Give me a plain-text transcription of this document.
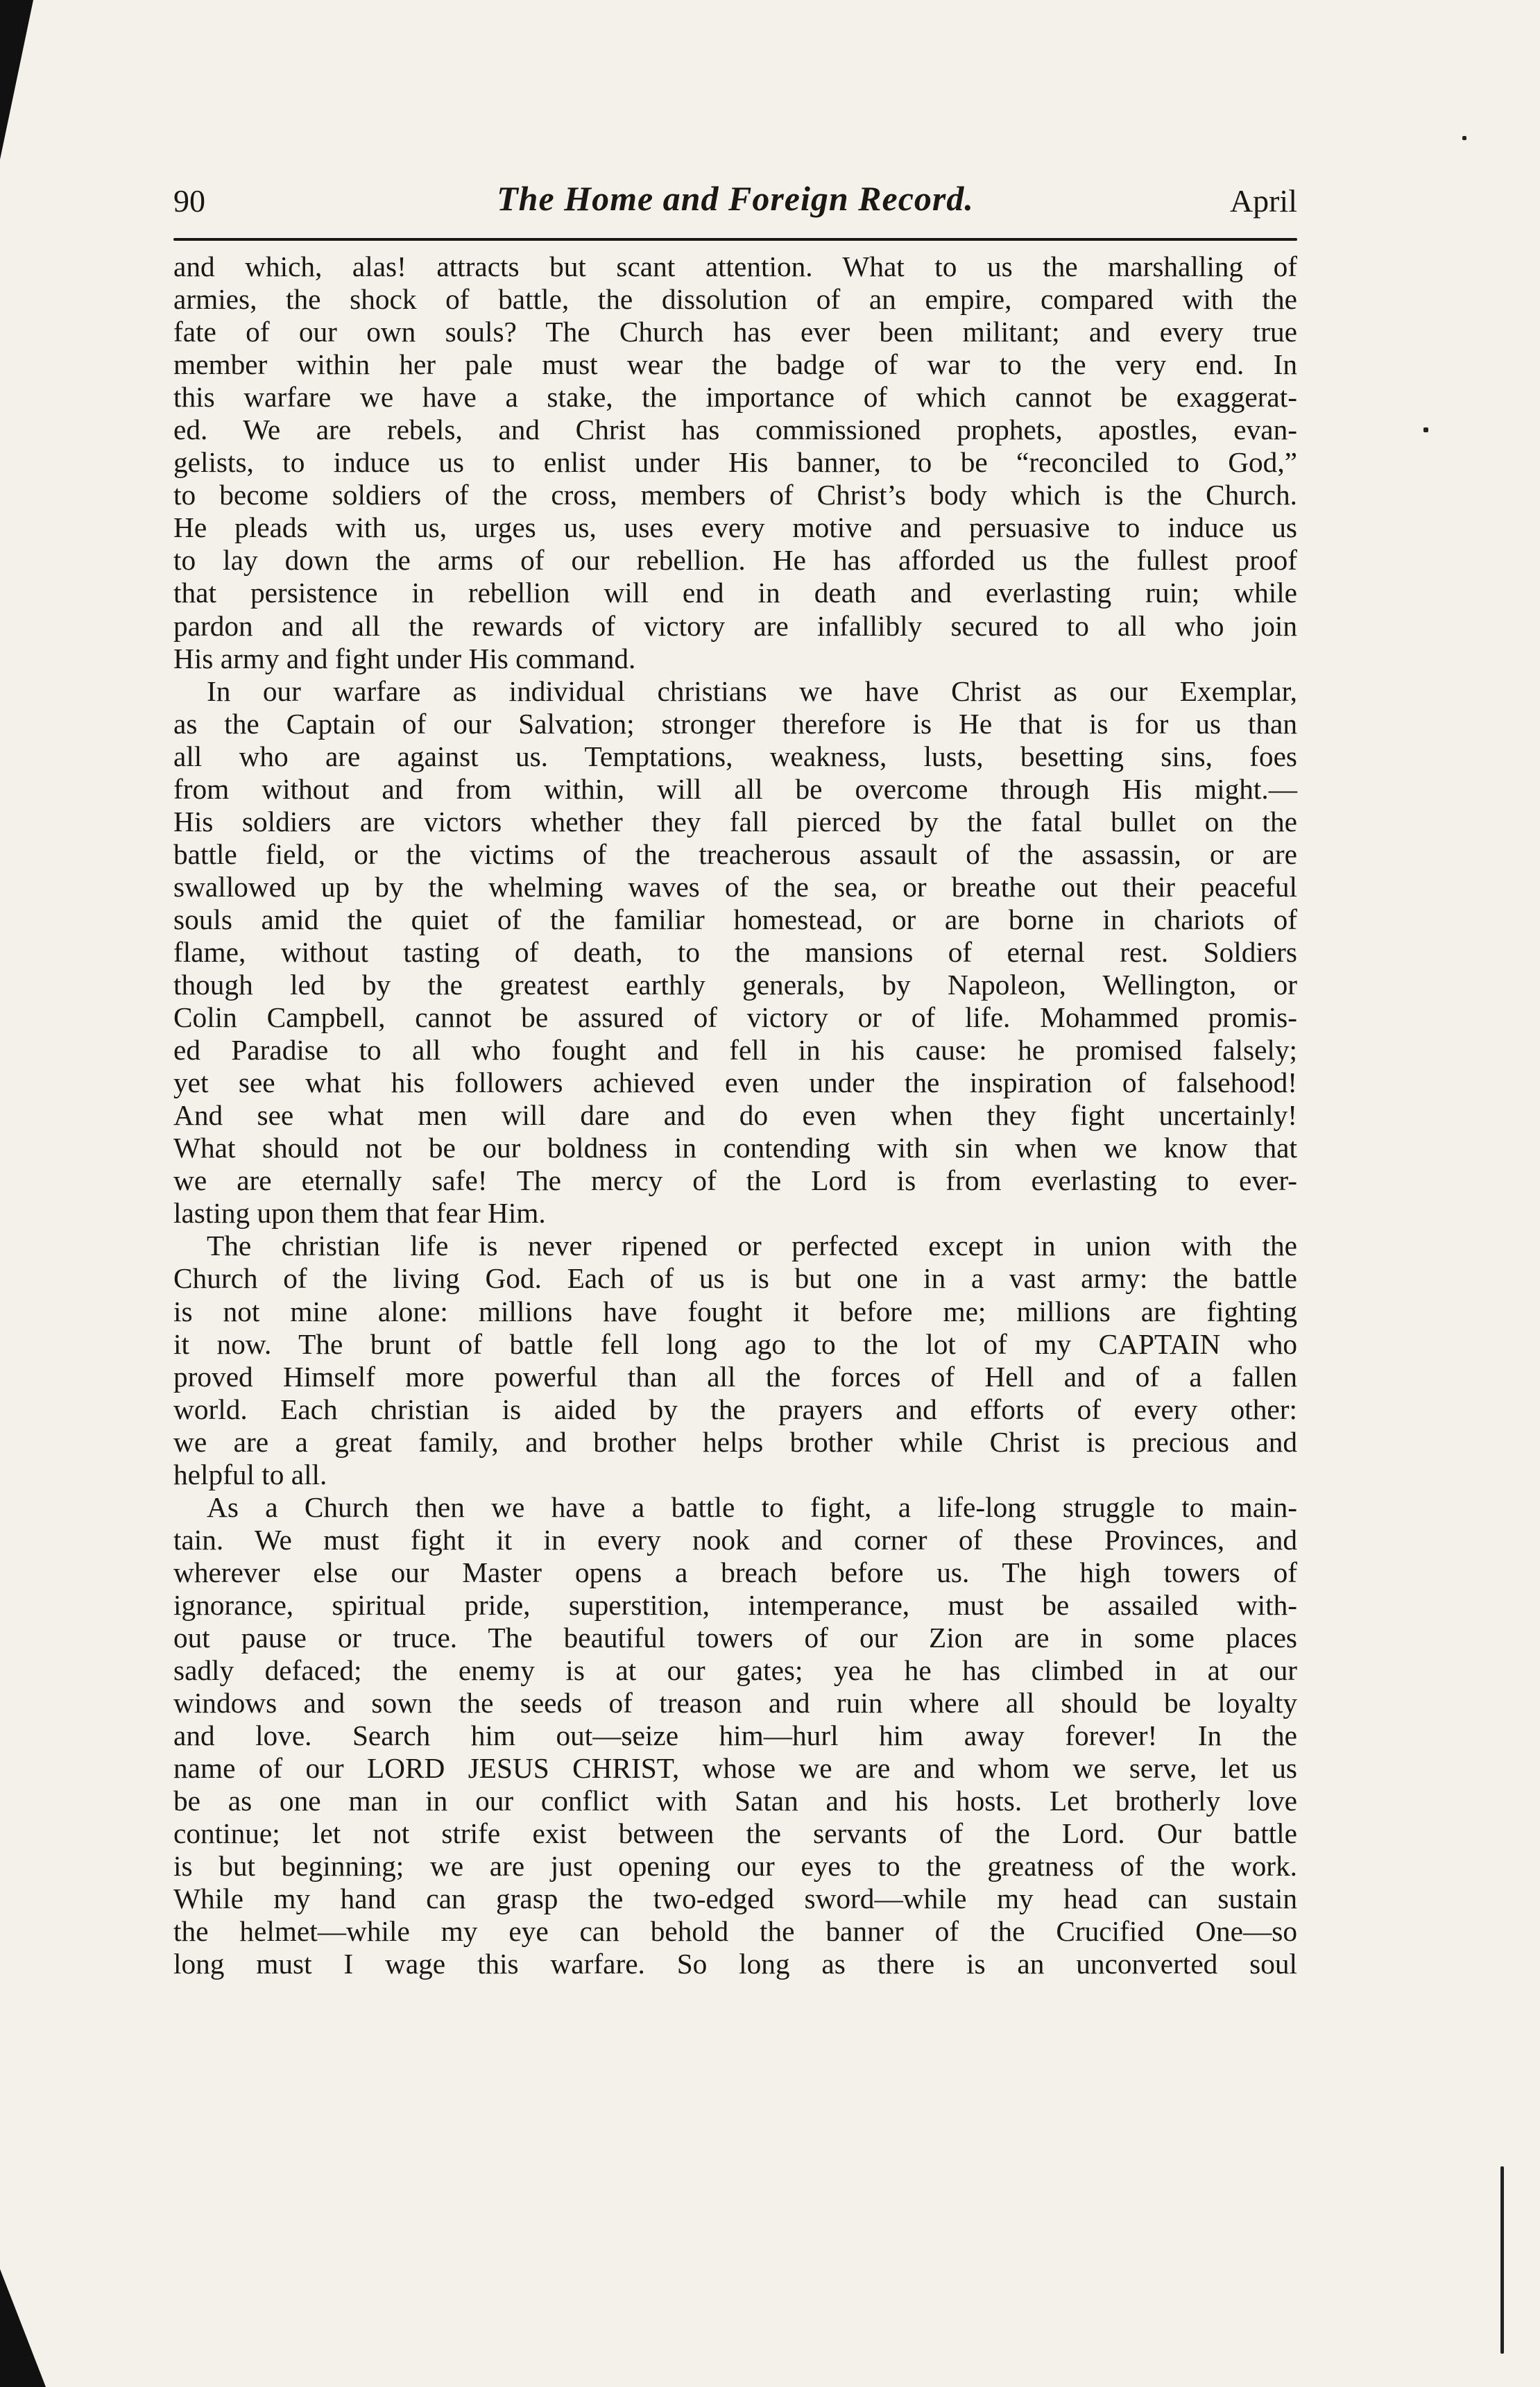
90	The Home and Foreign Record.	April
and which, alas! attracts but scant attention. What to us the marshalling of
armies, the shock of battle, the dissolution of an empire, compared with the
fate of our own souls? The Church has ever been militant; and every true
member within her pale must wear the badge of war to the very end. In
this warfare we have a stake, the importance of which cannot be exaggerat-
ed. We are rebels, and Christ has commissioned prophets, apostles, evan-
gelists, to induce us to enlist under His banner, to be “reconciled to God,”
to become soldiers of the cross, members of Christ’s body which is the Church.
He pleads with us, urges us, uses every motive and persuasive to induce us
to lay down the arms of our rebellion. He has afforded us the fullest proof
that persistence in rebellion will end in death and everlasting ruin; while
pardon and all the rewards of victory are infallibly secured to all who join
His army and fight under His command.
In our warfare as individual christians we have Christ as our Exemplar,
as the Captain of our Salvation; stronger therefore is He that is for us than
all who are against us. Temptations, weakness, lusts, besetting sins, foes
from without and from within, will all be overcome through His might.—
His soldiers are victors whether they fall pierced by the fatal bullet on the
battle field, or the victims of the treacherous assault of the assassin, or are
swallowed up by the whelming waves of the sea, or breathe out their peaceful
souls amid the quiet of the familiar homestead, or are borne in chariots of
flame, without tasting of death, to the mansions of eternal rest. Soldiers
though led by the greatest earthly generals, by Napoleon, Wellington, or
Colin Campbell, cannot be assured of victory or of life. Mohammed promis-
ed Paradise to all who fought and fell in his cause: he promised falsely;
yet see what his followers achieved even under the inspiration of falsehood!
And see what men will dare and do even when they fight uncertainly!
What should not be our boldness in contending with sin when we know that
we are eternally safe! The mercy of the Lord is from everlasting to ever-
lasting upon them that fear Him.
The christian life is never ripened or perfected except in union with the
Church of the living God. Each of us is but one in a vast army: the battle
is not mine alone: millions have fought it before me; millions are fighting
it now. The brunt of battle fell long ago to the lot of my CAPTAIN who
proved Himself more powerful than all the forces of Hell and of a fallen
world. Each christian is aided by the prayers and efforts of every other:
we are a great family, and brother helps brother while Christ is precious and
helpful to all.
As a Church then we have a battle to fight, a life-long struggle to main-
tain. We must fight it in every nook and corner of these Provinces, and
wherever else our Master opens a breach before us. The high towers of
ignorance, spiritual pride, superstition, intemperance, must be assailed with-
out pause or truce. The beautiful towers of our Zion are in some places
sadly defaced; the enemy is at our gates; yea he has climbed in at our
windows and sown the seeds of treason and ruin where all should be loyalty
and love. Search him out—seize him—hurl him away forever! In the
name of our LORD JESUS CHRIST, whose we are and whom we serve, let us
be as one man in our conflict with Satan and his hosts. Let brotherly love
continue; let not strife exist between the servants of the Lord. Our battle
is but beginning; we are just opening our eyes to the greatness of the work.
While my hand can grasp the two-edged sword—while my head can sustain
the helmet—while my eye can behold the banner of the Crucified One—so
long must I wage this warfare. So long as there is an unconverted soul
